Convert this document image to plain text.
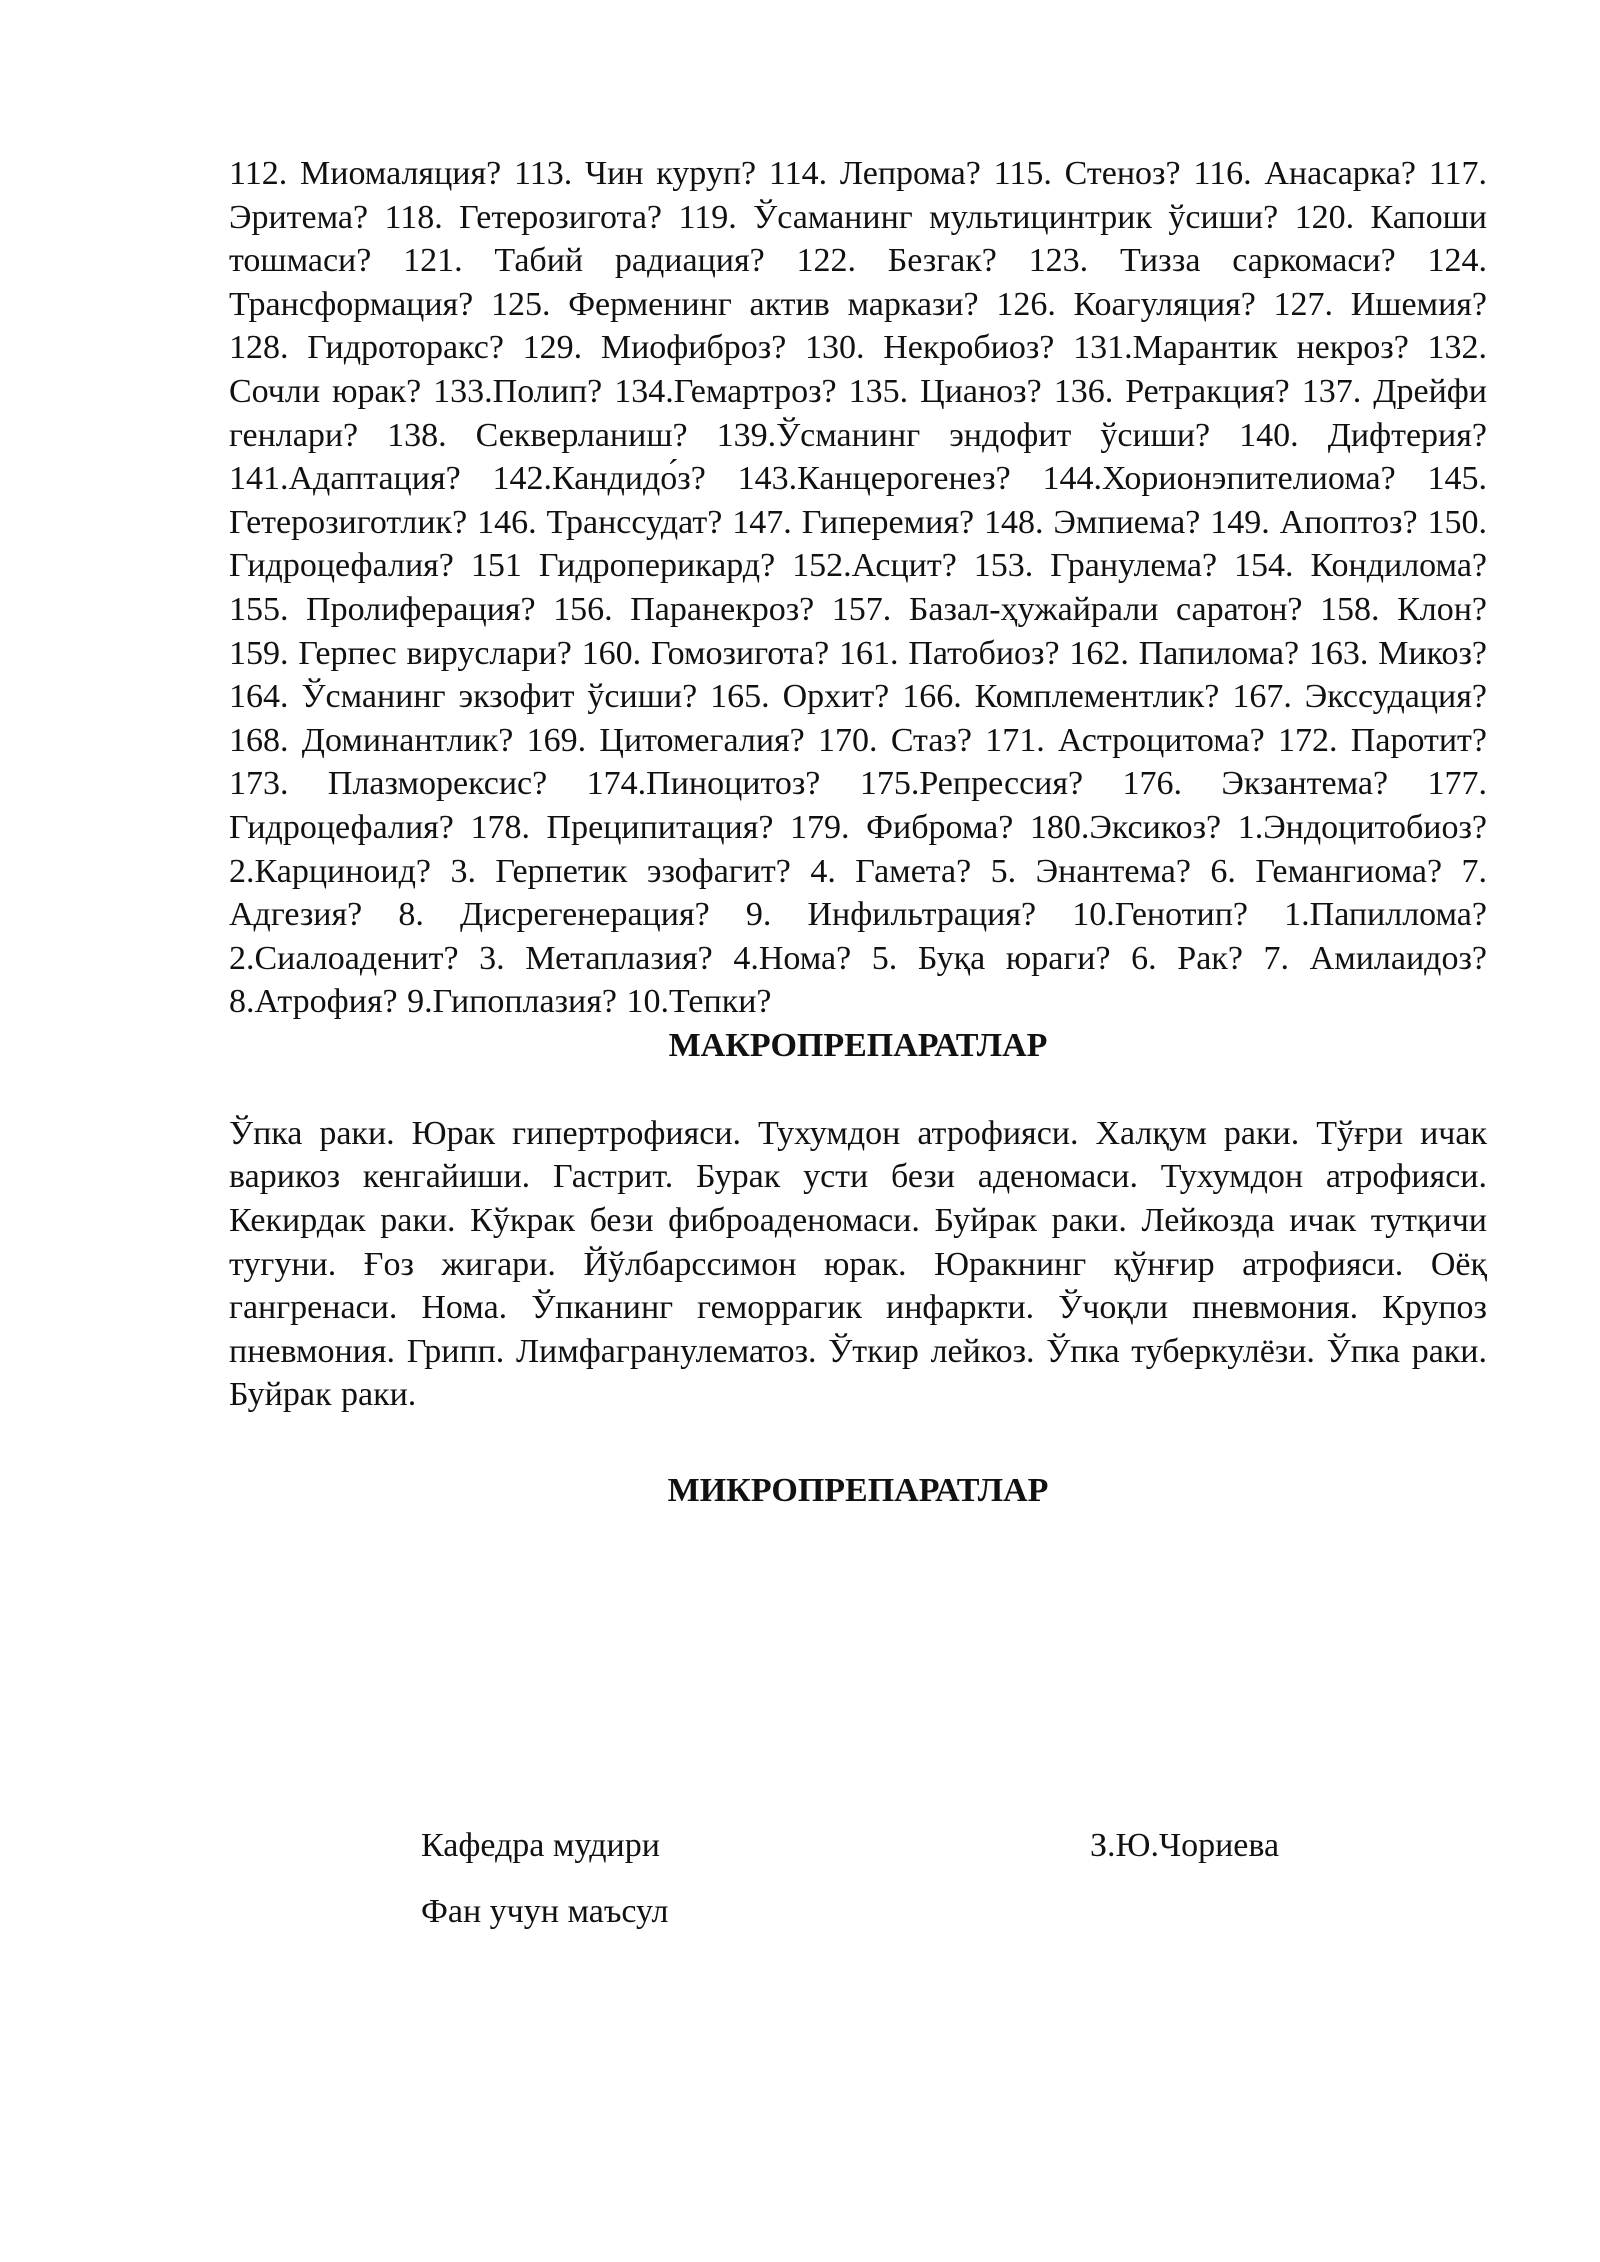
112. Миомаляция? 113. Чин куруп? 114. Лепрома? 115. Стеноз? 116. Анасарка? 117. Эритема? 118. Гетерозигота? 119. Ўсаманинг мультицинтрик ўсиши? 120. Капоши тошмаси? 121. Табий радиация? 122. Безгак? 123. Тизза саркомаси? 124. Трансформация? 125. Ферменинг актив маркази? 126. Коагуляция? 127. Ишемия? 128. Гидроторакс? 129. Миофиброз? 130. Некробиоз? 131.Марантик некроз? 132. Сочли юрак? 133.Полип? 134.Гемартроз? 135. Цианоз? 136. Ретракция? 137. Дрейфи генлари? 138. Секверланиш? 139.Ўсманинг эндофит ўсиши? 140. Дифтерия? 141.Адаптация? 142.Кандидо́з? 143.Канцерогенез? 144.Хорионэпителиома? 145. Гетерозиготлик? 146. Транссудат? 147. Гиперемия? 148. Эмпиема? 149. Апоптоз? 150. Гидроцефалия? 151 Гидроперикард? 152.Асцит? 153. Гранулема? 154. Кондилома? 155. Пролиферация? 156. Паранекроз? 157. Базал-ҳужайрали саратон? 158. Клон? 159. Герпес вируслари? 160. Гомозигота? 161. Патобиоз? 162. Папилома? 163. Микоз? 164. Ўсманинг экзофит ўсиши? 165. Орхит? 166. Комплементлик? 167. Экссудация? 168. Доминантлик? 169. Цитомегалия? 170. Стаз? 171. Астроцитома? 172. Паротит? 173. Плазморексис? 174.Пиноцитоз? 175.Репрессия? 176. Экзантема? 177. Гидроцефалия? 178. Преципитация? 179. Фиброма? 180.Эксикоз? 1.Эндоцитобиоз? 2.Карциноид? 3. Герпетик эзофагит? 4. Гамета? 5. Энантема? 6. Гемангиома? 7. Адгезия? 8. Дисрегенерация? 9. Инфильтрация? 10.Генотип? 1.Папиллома? 2.Сиалоаденит? 3. Метаплазия? 4.Нома? 5. Буқа юраги? 6. Рак? 7. Амилаидоз? 8.Атрофия? 9.Гипоплазия? 10.Тепки?

МАКРОПРЕПАРАТЛАР

Ўпка раки. Юрак гипертрофияси. Тухумдон атрофияси. Халқум раки. Тўғри ичак варикоз кенгайиши. Гастрит. Бурак усти бези аденомаси. Тухумдон атрофияси. Кекирдак раки. Кўкрак бези фиброаденомаси. Буйрак раки. Лейкозда ичак тутқичи тугуни. Ғоз жигари. Йўлбарссимон юрак. Юракнинг қўнғир атрофияси. Оёқ гангренаси. Нома. Ўпканинг геморрагик инфаркти. Ўчоқли пневмония. Крупоз пневмония. Грипп. Лимфагранулематоз. Ўткир лейкоз. Ўпка туберкулёзи. Ўпка раки. Буйрак раки.

МИКРОПРЕПАРАТЛАР
Кафедра мудири	З.Ю.Чориева
Фан учун маъсул
